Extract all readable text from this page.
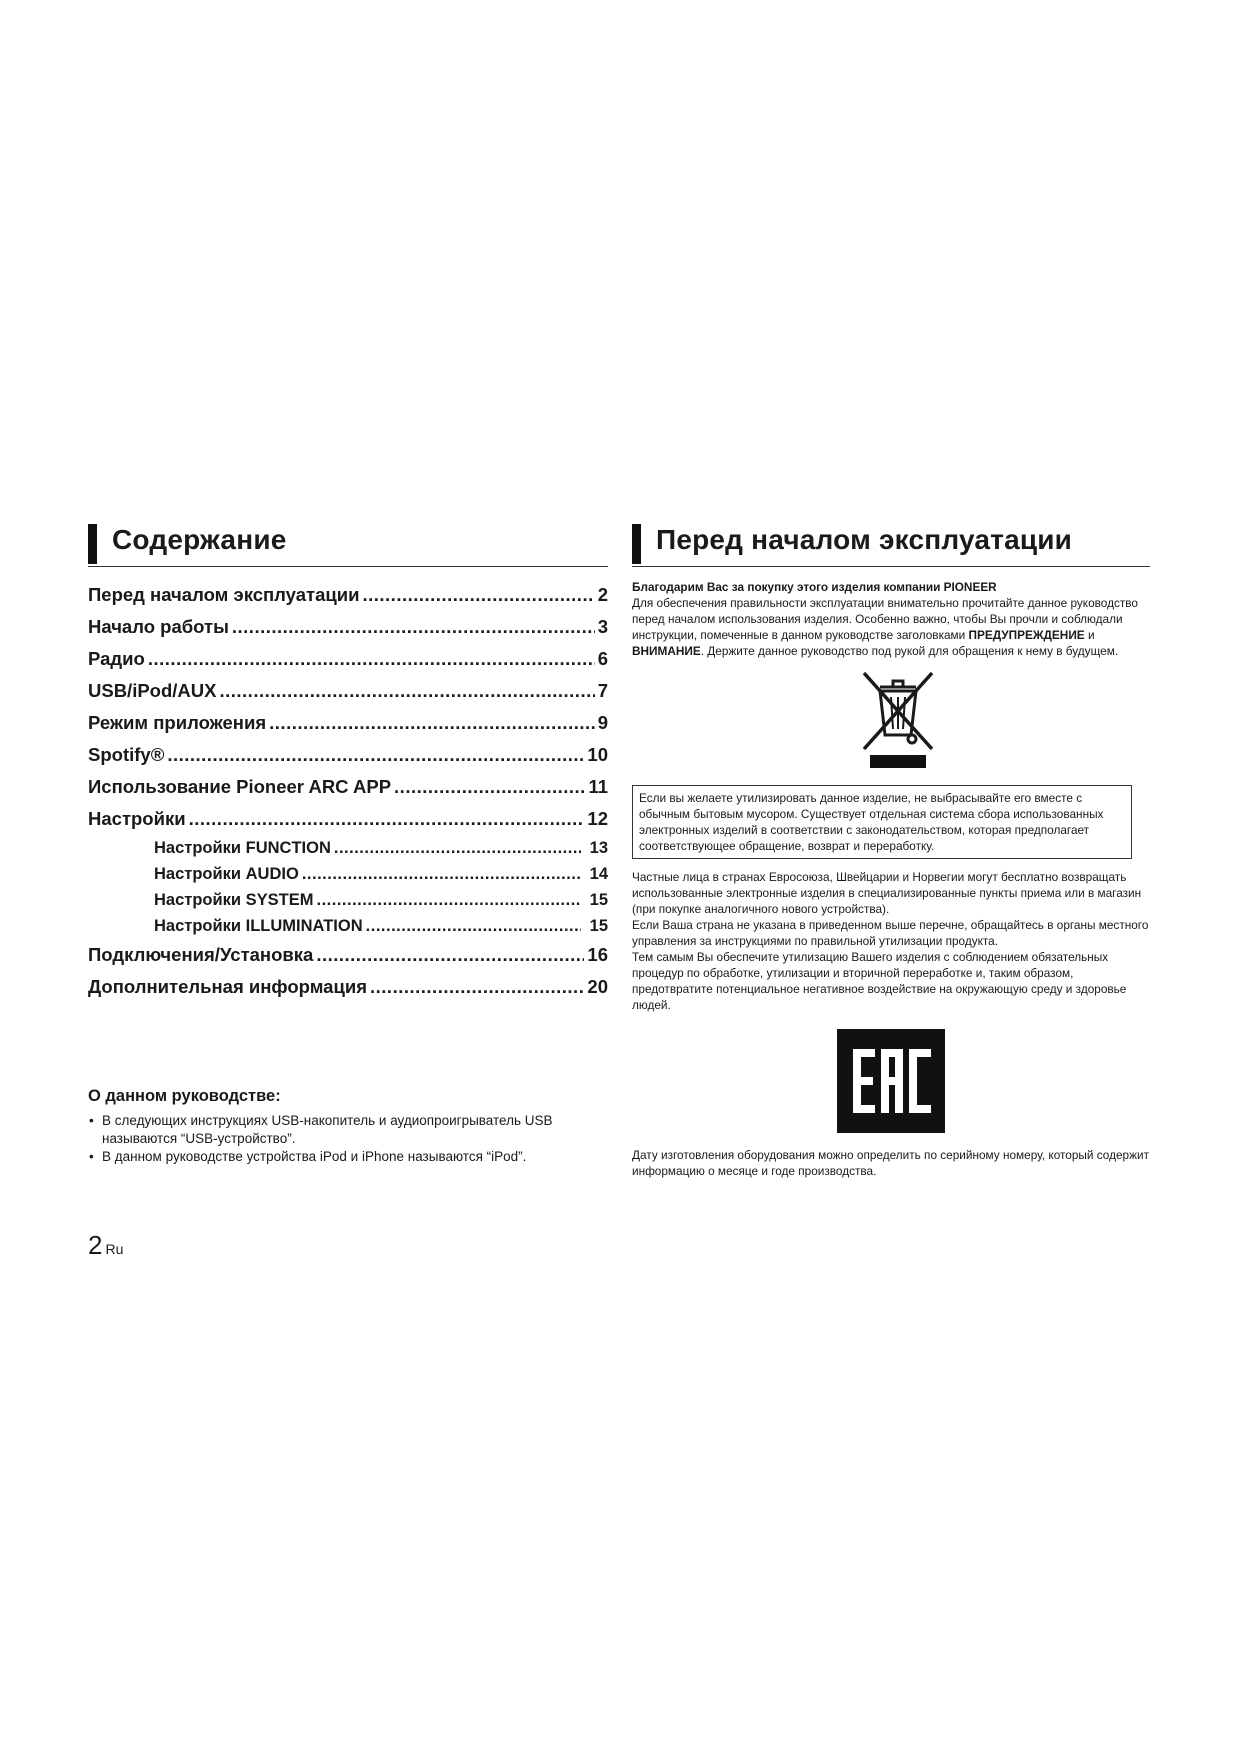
Содержание
Перед началом эксплуатации .....	2
Начало работы .....	3
Радио .....	6
USB/iPod/AUX .....	7
Режим приложения .....	9
Spotify® .....	10
Использование Pioneer ARC APP .....	11
Настройки .....	12
Настройки FUNCTION .....	13
Настройки AUDIO .....	14
Настройки SYSTEM .....	15
Настройки ILLUMINATION .....	15
Подключения/Установка .....	16
Дополнительная информация .....	20
О данном руководстве:
• В следующих инструкциях USB-накопитель и аудиопроигрыватель USB называются “USB-устройство”.
• В данном руководстве устройства iPod и iPhone называются “iPod”.
Перед началом эксплуатации
Благодарим Вас за покупку этого изделия компании PIONEER
Для обеспечения правильности эксплуатации внимательно прочитайте данное руководство перед началом использования изделия. Особенно важно, чтобы Вы прочли и соблюдали инструкции, помеченные в данном руководстве заголовками ПРЕДУПРЕЖДЕНИЕ и ВНИМАНИЕ. Держите данное руководство под рукой для обращения к нему в будущем.
Если вы желаете утилизировать данное изделие, не выбрасывайте его вместе с обычным бытовым мусором. Существует отдельная система сбора использованных электронных изделий в соответствии с законодательством, которая предполагает соответствующее обращение, возврат и переработку.
Частные лица в странах Евросоюза, Швейцарии и Норвегии могут бесплатно возвращать использованные электронные изделия в специализированные пункты приема или в магазин (при покупке аналогичного нового устройства).
Если Ваша страна не указана в приведенном выше перечне, обращайтесь в органы местного управления за инструкциями по правильной утилизации продукта.
Тем самым Вы обеспечите утилизацию Вашего изделия с соблюдением обязательных процедур по обработке, утилизации и вторичной переработке и, таким образом, предотвратите потенциальное негативное воздействие на окружающую среду и здоровье людей.
Дату изготовления оборудования можно определить по серийному номеру, который содержит информацию о месяце и годе производства.
2 Ru
